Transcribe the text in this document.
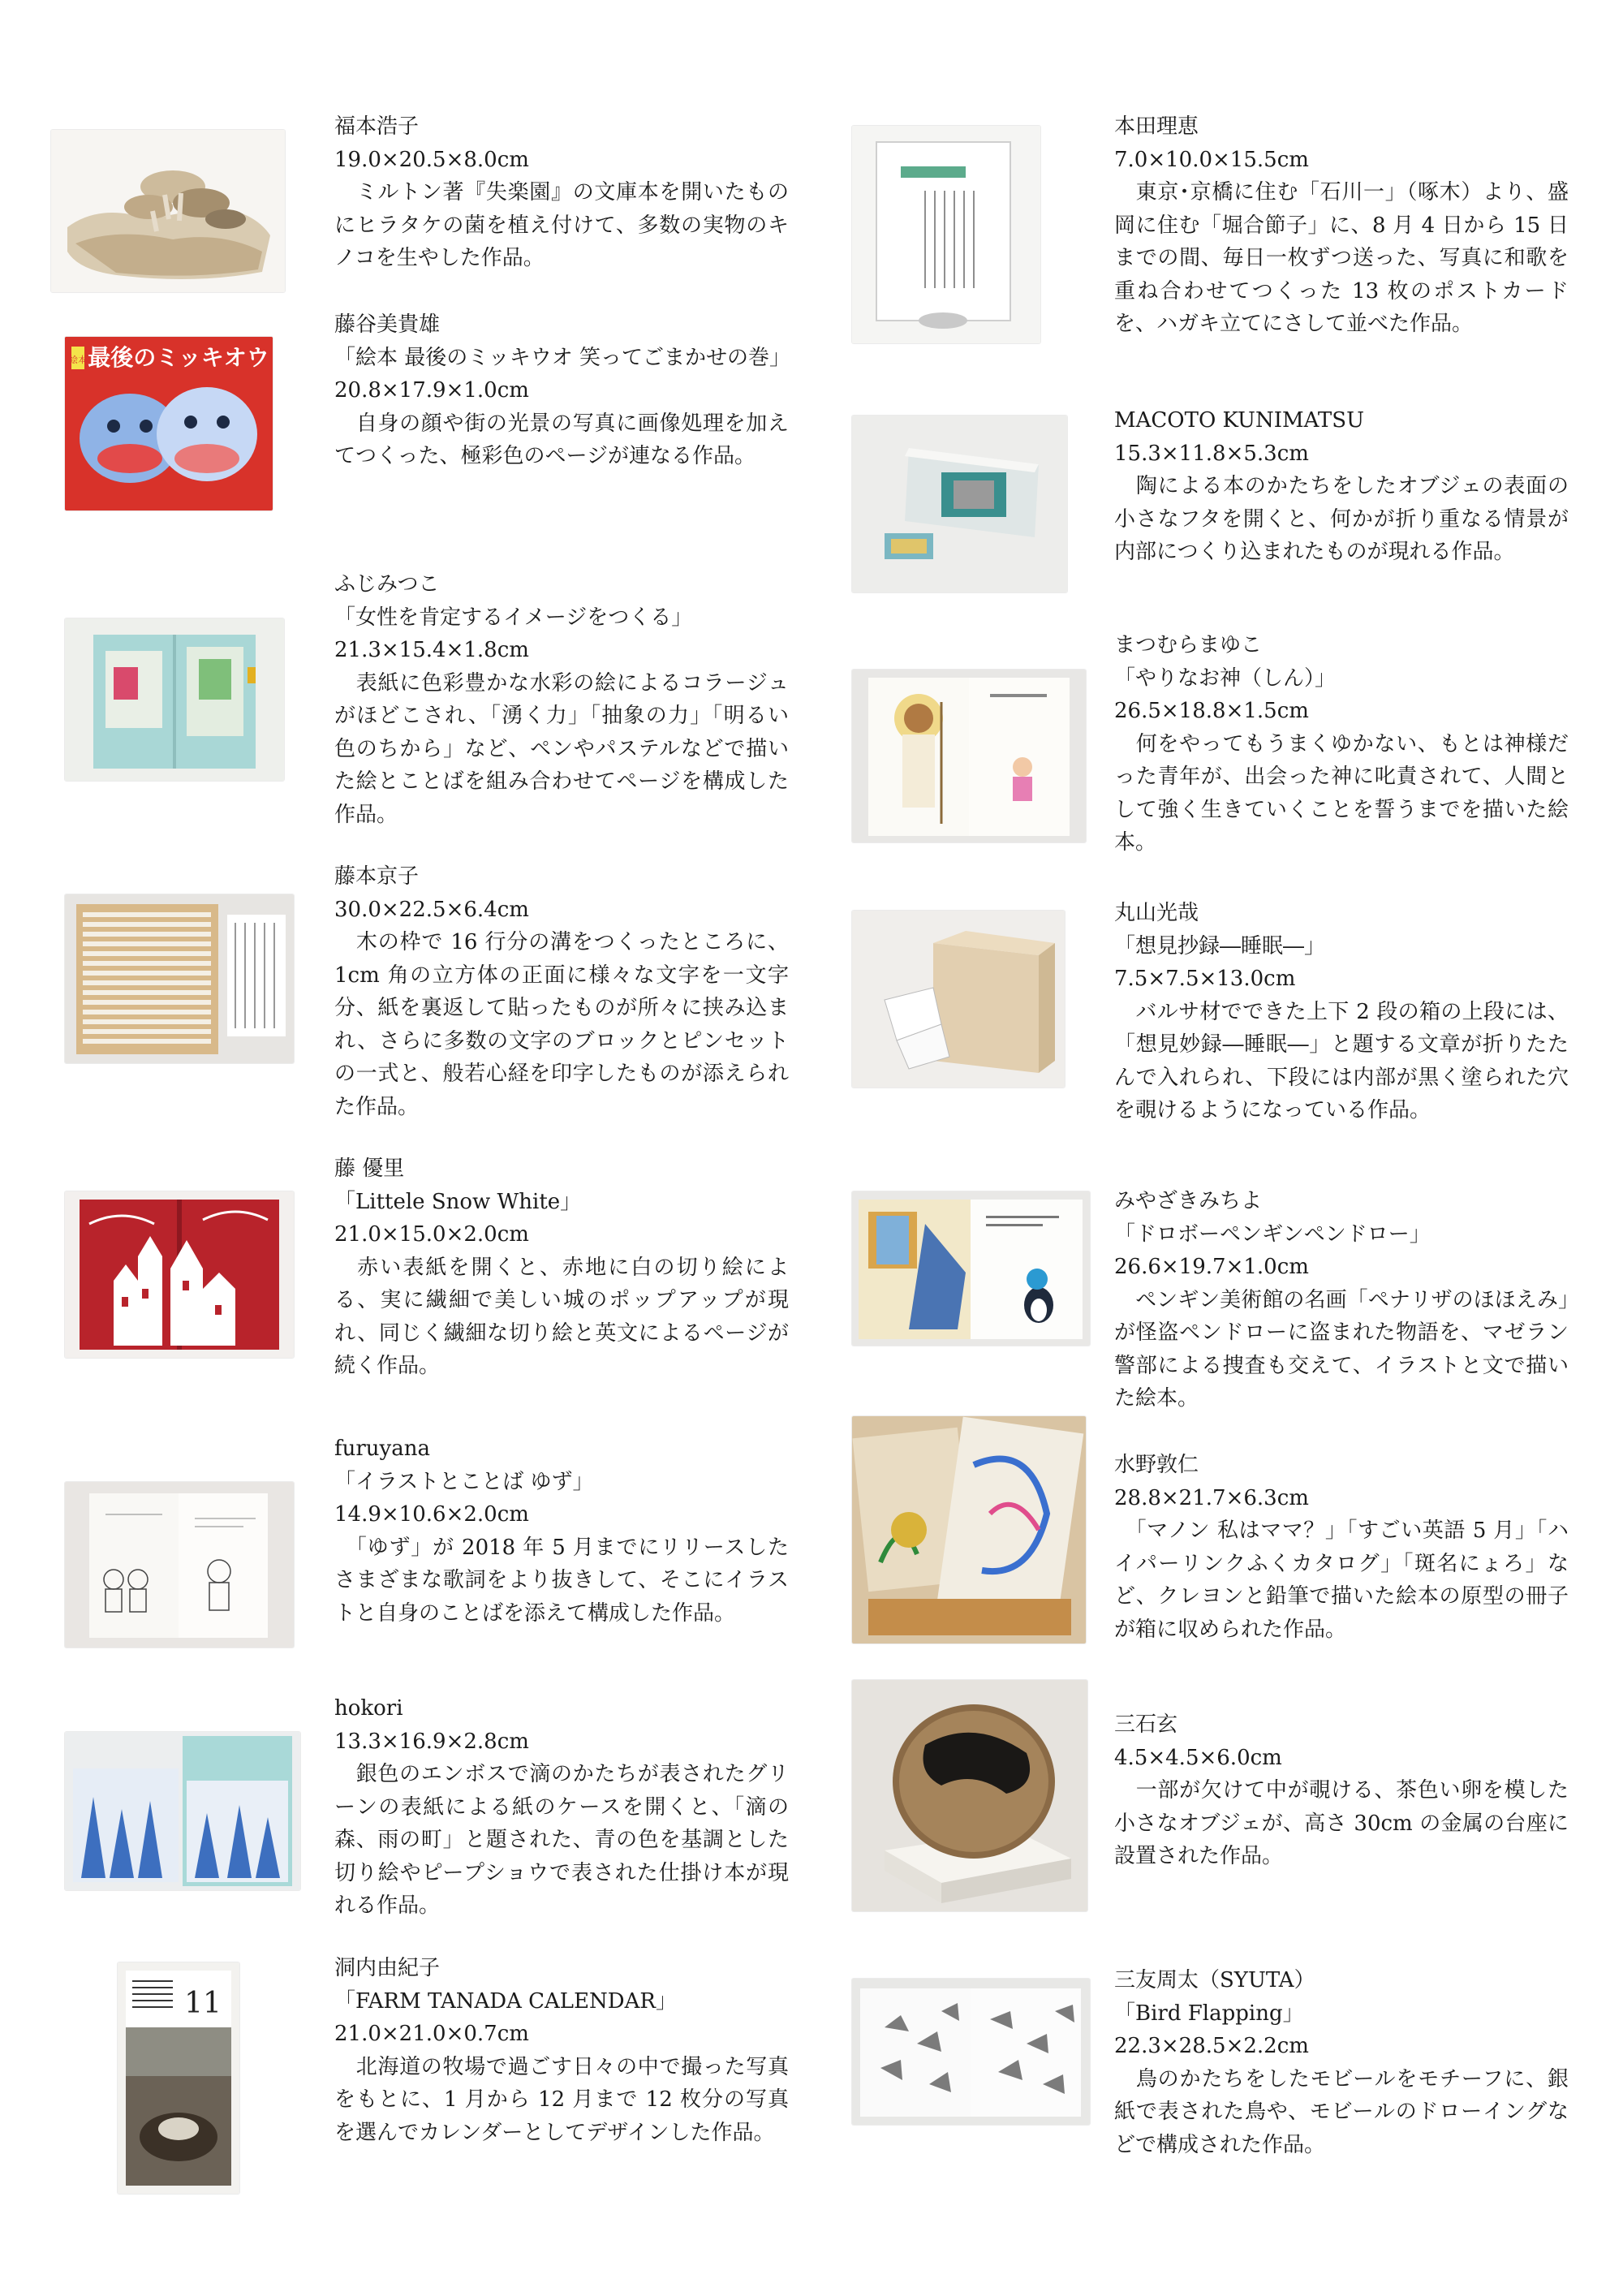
福本浩子

19.0×20.5×8.0cm

　ミルトン著『失楽園』の文庫本を開いたものにヒラタケの菌を植え付けて、多数の実物のキノコを生やした作品。

絵本 最後のミッキオウ

藤谷美貴雄

「絵本 最後のミッキウオ 笑ってごまかせの巻」

20.8×17.9×1.0cm

　自身の顔や街の光景の写真に画像処理を加えてつくった、極彩色のページが連なる作品。

ふじみつこ

「女性を肯定するイメージをつくる」

21.3×15.4×1.8cm

　表紙に色彩豊かな水彩の絵によるコラージュがほどこされ、「湧く力」「抽象の力」「明るい色のちから」など、ペンやパステルなどで描いた絵とことばを組み合わせてページを構成した作品。

藤本京子

30.0×22.5×6.4cm

　木の枠で 16 行分の溝をつくったところに、1cm 角の立方体の正面に様々な文字を一文字分、紙を裏返して貼ったものが所々に挟み込まれ、さらに多数の文字のブロックとピンセットの一式と、般若心経を印字したものが添えられた作品。

藤 優里

「Littele Snow White」

21.0×15.0×2.0cm

　赤い表紙を開くと、赤地に白の切り絵による、実に繊細で美しい城のポップアップが現れ、同じく繊細な切り絵と英文によるページが続く作品。

furuyana

「イラストとことば ゆず」

14.9×10.6×2.0cm

　「ゆず」が 2018 年 5 月までにリリースしたさまざまな歌詞をより抜きして、そこにイラストと自身のことばを添えて構成した作品。

hokori

13.3×16.9×2.8cm

　銀色のエンボスで滴のかたちが表されたグリーンの表紙による紙のケースを開くと、「滴の森、雨の町」と題された、青の色を基調とした切り絵やピープショウで表された仕掛け本が現れる作品。

11

洞内由紀子

「FARM TANADA CALENDAR」

21.0×21.0×0.7cm

　北海道の牧場で過ごす日々の中で撮った写真をもとに、1 月から 12 月まで 12 枚分の写真を選んでカレンダーとしてデザインした作品。

本田理恵

7.0×10.0×15.5cm

　東京･京橋に住む「石川一」（啄木）より、盛岡に住む「堀合節子」に、8 月 4 日から 15 日までの間、毎日一枚ずつ送った、写真に和歌を重ね合わせてつくった 13 枚のポストカードを、ハガキ立てにさして並べた作品。

MACOTO KUNIMATSU

15.3×11.8×5.3cm

　陶による本のかたちをしたオブジェの表面の小さなフタを開くと、何かが折り重なる情景が内部につくり込まれたものが現れる作品。

まつむらまゆこ

「やりなお神（しん）」

26.5×18.8×1.5cm

　何をやってもうまくゆかない、もとは神様だった青年が、出会った神に叱責されて、人間として強く生きていくことを誓うまでを描いた絵本。

丸山光哉

「想見抄録―睡眠―」

7.5×7.5×13.0cm

　バルサ材でできた上下 2 段の箱の上段には、「想見妙録―睡眠―」と題する文章が折りたたんで入れられ、下段には内部が黒く塗られた穴を覗けるようになっている作品。

みやざきみちよ

「ドロボーペンギンペンドロー」

26.6×19.7×1.0cm

　ペンギン美術館の名画「ペナリザのほほえみ」が怪盗ペンドローに盗まれた物語を、マゼラン警部による捜査も交えて、イラストと文で描いた絵本。

水野敦仁

28.8×21.7×6.3cm

　「マノン 私はママ？」「すごい英語 5 月」「ハイパーリンクふくカタログ」「斑名にょろ」など、クレヨンと鉛筆で描いた絵本の原型の冊子が箱に収められた作品。

三石玄

4.5×4.5×6.0cm

　一部が欠けて中が覗ける、茶色い卵を模した小さなオブジェが、高さ 30cm の金属の台座に設置された作品。

三友周太（SYUTA）

「Bird Flapping」

22.3×28.5×2.2cm

　鳥のかたちをしたモビールをモチーフに、銀紙で表された鳥や、モビールのドローイングなどで構成された作品。
